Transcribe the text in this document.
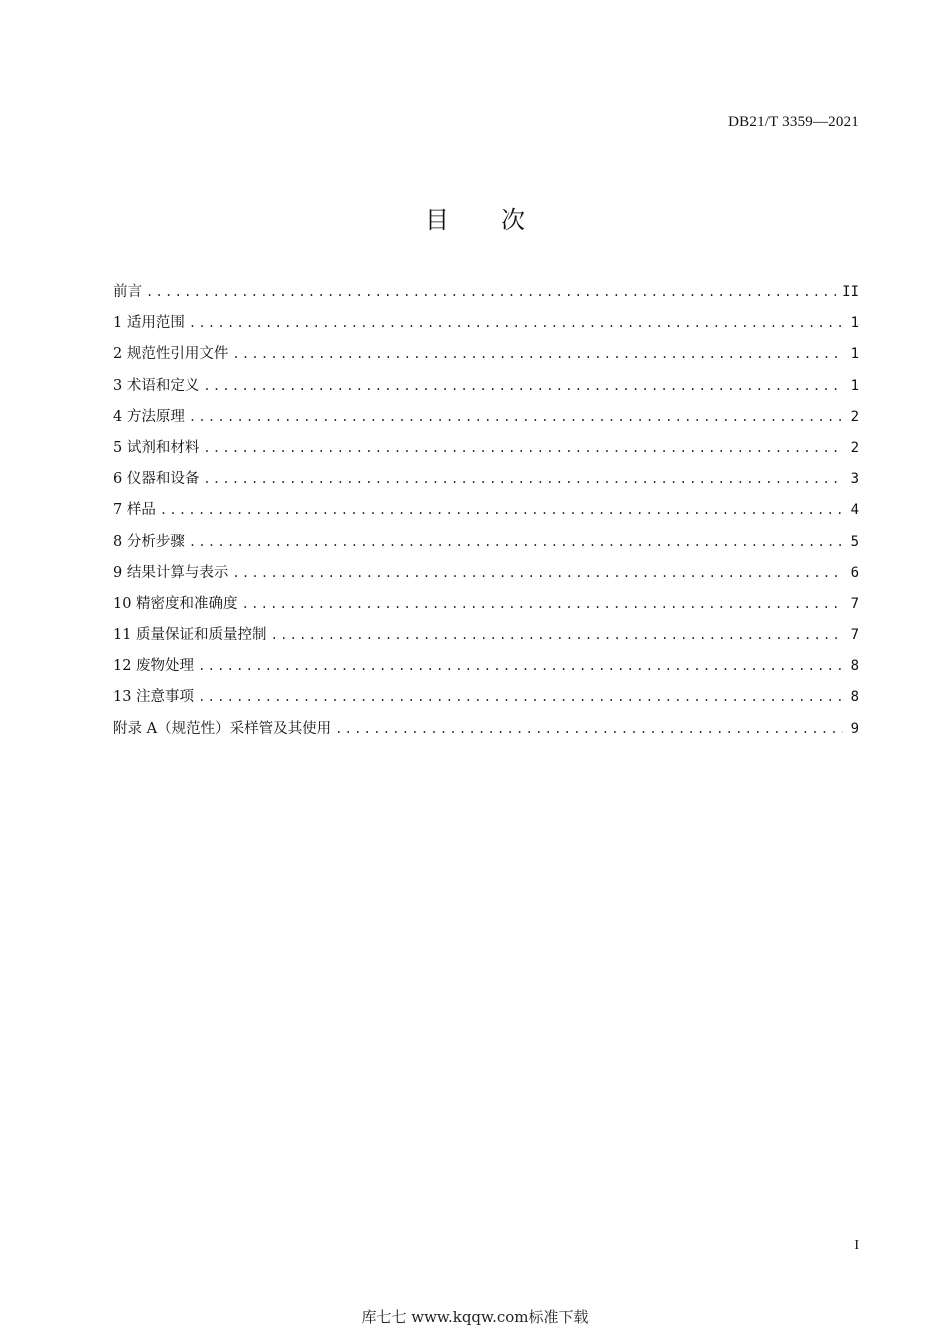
DB21/T 3359—2021
目 次
前言 .....	II
1 适用范围 .....	1
2 规范性引用文件 .....	1
3 术语和定义 .....	1
4 方法原理 .....	2
5 试剂和材料 .....	2
6 仪器和设备 .....	3
7 样品 .....	4
8 分析步骤 .....	5
9 结果计算与表示 .....	6
10 精密度和准确度 .....	7
11 质量保证和质量控制 .....	7
12 废物处理 .....	8
13 注意事项 .....	8
附录 A（规范性）采样管及其使用 .....	9
I
库七七 www.kqqw.com标准下载
